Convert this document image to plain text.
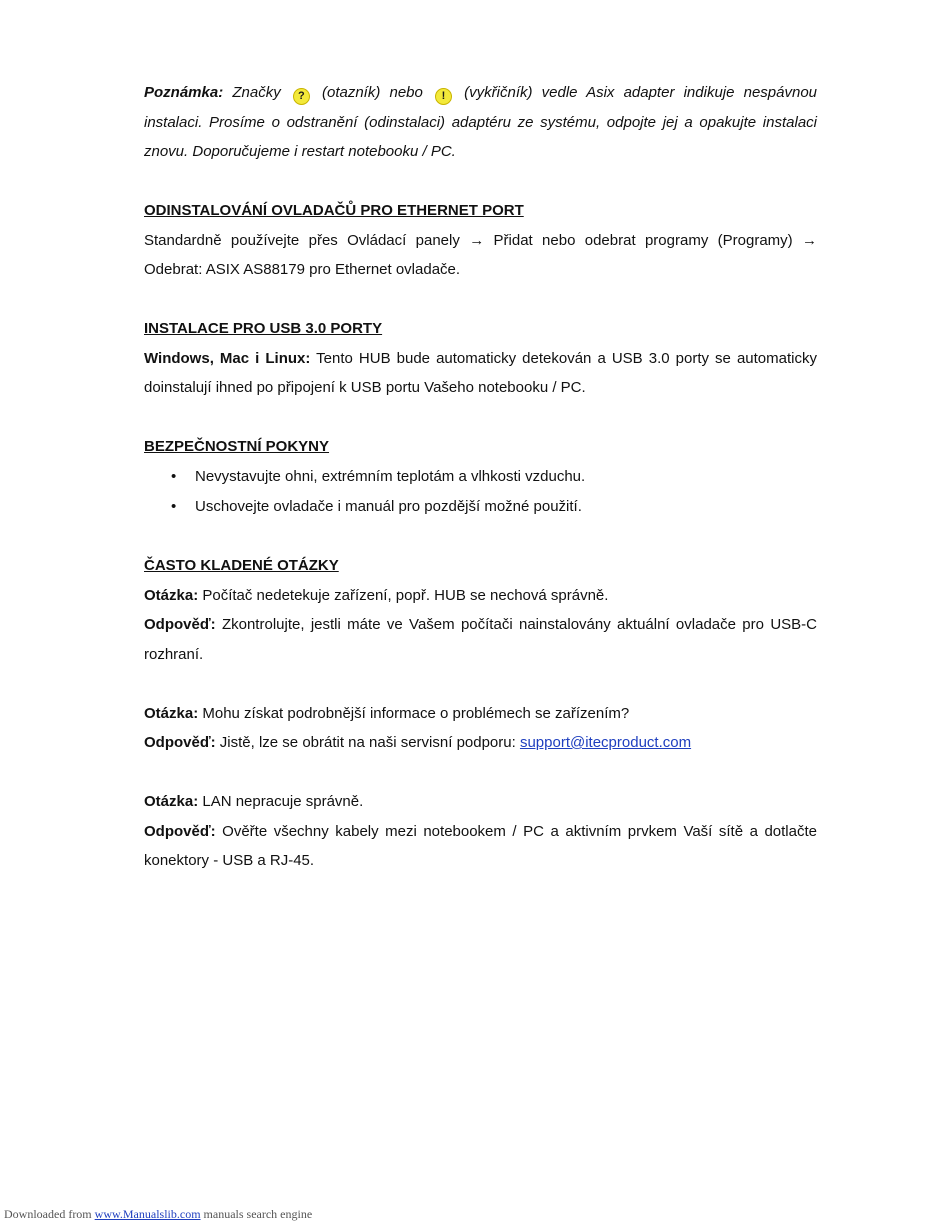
Poznámka: Značky ? (otazník) nebo ! (vykřičník) vedle Asix adapter indikuje nespávnou instalaci. Prosíme o odstranění (odinstalaci) adaptéru ze systému, odpojte jej a opakujte instalaci znovu. Doporučujeme i restart notebooku / PC.

ODINSTALOVÁNÍ OVLADAČŮ PRO ETHERNET PORT

Standardně používejte přes Ovládací panely → Přidat nebo odebrat programy (Programy) → Odebrat: ASIX AS88179 pro Ethernet ovladače.

INSTALACE PRO USB 3.0 PORTY

Windows, Mac i Linux: Tento HUB bude automaticky detekován a USB 3.0 porty se automaticky doinstalují ihned po připojení k USB portu Vašeho notebooku / PC.

BEZPEČNOSTNÍ POKYNY

• Nevystavujte ohni, extrémním teplotám a vlhkosti vzduchu.
• Uschovejte ovladače i manuál pro pozdější možné použití.

ČASTO KLADENÉ OTÁZKY

Otázka: Počítač nedetekuje zařízení, popř. HUB se nechová správně.

Odpověď: Zkontrolujte, jestli máte ve Vašem počítači nainstalovány aktuální ovladače pro USB-C rozhraní.

Otázka: Mohu získat podrobnější informace o problémech se zařízením?

Odpověď: Jistě, lze se obrátit na naši servisní podporu: support@itecproduct.com

Otázka: LAN nepracuje správně.

Odpověď: Ověřte všechny kabely mezi notebookem / PC a aktivním prvkem Vaší sítě a dotlačte konektory - USB a RJ-45.

Downloaded from www.Manualslib.com manuals search engine
